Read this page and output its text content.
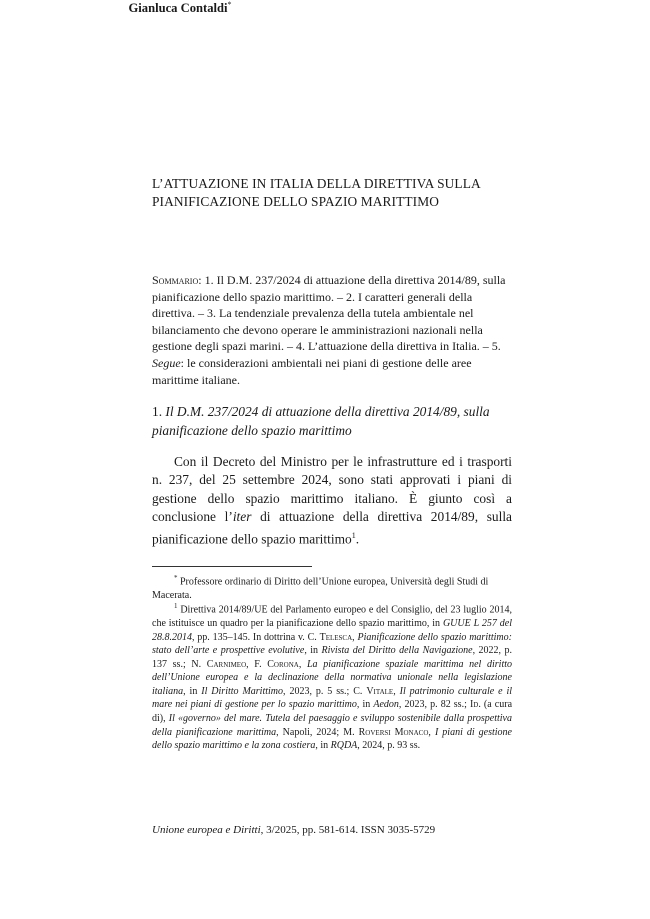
L’ATTUAZIONE IN ITALIA DELLA DIRETTIVA SULLA PIANIFICAZIONE DELLO SPAZIO MARITTIMO
Gianluca Contaldi*
Sommario: 1. Il D.M. 237/2024 di attuazione della direttiva 2014/89, sulla pianificazione dello spazio marittimo. – 2. I caratteri generali della direttiva. – 3. La tendenziale prevalenza della tutela ambientale nel bilanciamento che devono operare le amministrazioni nazionali nella gestione degli spazi marini. – 4. L’attuazione della direttiva in Italia. – 5. Segue: le considerazioni ambientali nei piani di gestione delle aree marittime italiane.
1. Il D.M. 237/2024 di attuazione della direttiva 2014/89, sulla pianificazione dello spazio marittimo
Con il Decreto del Ministro per le infrastrutture ed i trasporti n. 237, del 25 settembre 2024, sono stati approvati i piani di gestione dello spazio marittimo italiano. È giunto così a conclusione l’iter di attuazione della direttiva 2014/89, sulla pianificazione dello spazio marittimo$^1$.
* Professore ordinario di Diritto dell’Unione europea, Università degli Studi di Macerata.
$^1$ Direttiva 2014/89/UE del Parlamento europeo e del Consiglio, del 23 luglio 2014, che istituisce un quadro per la pianificazione dello spazio marittimo, in GUUE L 257 del 28.8.2014, pp. 135–145. In dottrina v. C. Telesca, Pianificazione dello spazio marittimo: stato dell’arte e prospettive evolutive, in Rivista del Diritto della Navigazione, 2022, p. 137 ss.; N. Carnimeo, F. Corona, La pianificazione spaziale marittima nel diritto dell’Unione europea e la declinazione della normativa unionale nella legislazione italiana, in Il Diritto Marittimo, 2023, p. 5 ss.; C. Vitale, Il patrimonio culturale e il mare nei piani di gestione per lo spazio marittimo, in Aedon, 2023, p. 82 ss.; Id. (a cura di), Il «governo» del mare. Tutela del paesaggio e sviluppo sostenibile dalla prospettiva della pianificazione marittima, Napoli, 2024; M. Roversi Monaco, I piani di gestione dello spazio marittimo e la zona costiera, in RQDA, 2024, p. 93 ss.
Unione europea e Diritti, 3/2025, pp. 581-614. ISSN 3035-5729
